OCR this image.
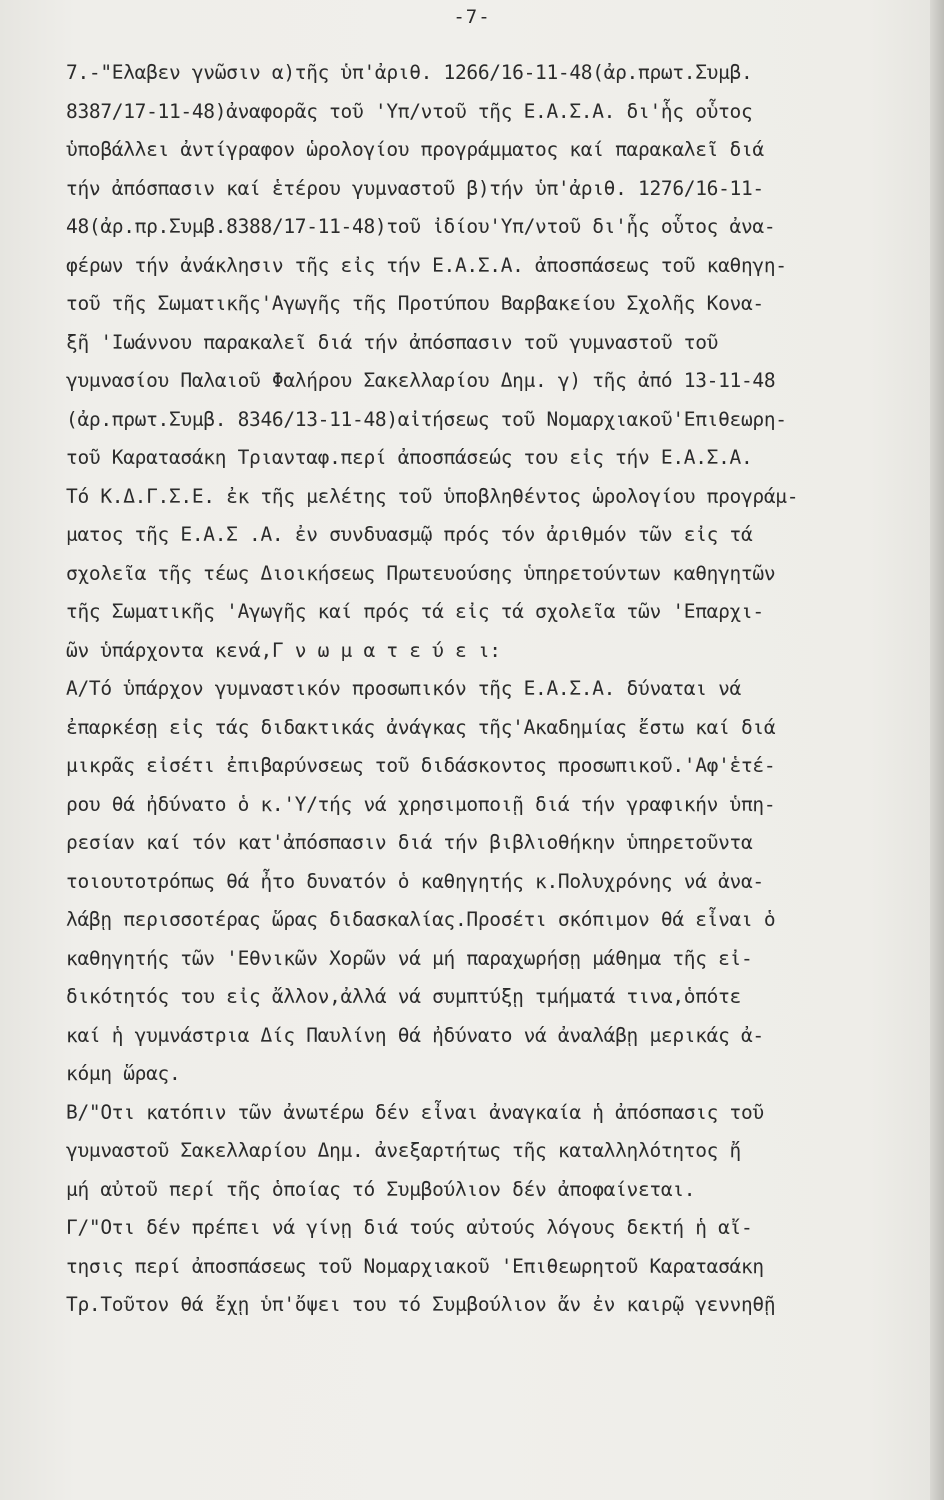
-7-
7.-"Ελαβεν γνῶσιν α)τῆς ὑπ'ἀριθ. 1266/16-11-48(ἀρ.πρωτ.Συμβ.
8387/17-11-48)ἀναφορᾶς τοῦ 'Υπ/ντοῦ τῆς Ε.Α.Σ.Α. δι'ἧς οὗτος
ὑποβάλλει ἀντίγραφον ὡρολογίου προγράμματος καί παρακαλεῖ διά
τήν ἀπόσπασιν καί ἑτέρου γυμναστοῦ β)τήν ὑπ'ἀριθ. 1276/16-11-
48(ἀρ.πρ.Συμβ.8388/17-11-48)τοῦ ἰδίου'Υπ/ντοῦ δι'ἧς οὗτος ἀνα-
φέρων τήν ἀνάκλησιν τῆς εἰς τήν Ε.Α.Σ.Α. ἀποσπάσεως τοῦ καθηγη-
τοῦ τῆς Σωματικῆς'Αγωγῆς τῆς Προτύπου Βαρβακείου Σχολῆς Κονα-
ξῆ 'Ιωάννου παρακαλεῖ διά τήν ἀπόσπασιν τοῦ γυμναστοῦ τοῦ
γυμνασίου Παλαιοῦ Φαλήρου Σακελλαρίου Δημ. γ) τῆς ἀπό 13-11-48
(ἀρ.πρωτ.Συμβ. 8346/13-11-48)αἰτήσεως τοῦ Νομαρχιακοῦ'Επιθεωρη-
τοῦ Καρατασάκη Τριανταφ.περί ἀποσπάσεώς του εἰς τήν Ε.Α.Σ.Α.
Τό Κ.Δ.Γ.Σ.Ε. ἐκ τῆς μελέτης τοῦ ὑποβληθέντος ὡρολογίου προγράμ-
ματος τῆς Ε.Α.Σ .Α. ἐν συνδυασμῷ πρός τόν ἀριθμόν τῶν εἰς τά
σχολεῖα τῆς τέως Διοικήσεως Πρωτευούσης ὑπηρετούντων καθηγητῶν
τῆς Σωματικῆς 'Αγωγῆς καί πρός τά εἰς τά σχολεῖα τῶν 'Επαρχι-
ῶν ὑπάρχοντα κενά,Γ ν ω μ α τ ε ύ ε ι:
Α/Τό ὑπάρχον γυμναστικόν προσωπικόν τῆς Ε.Α.Σ.Α. δύναται νά
ἐπαρκέσῃ εἰς τάς διδακτικάς ἀνάγκας τῆς'Ακαδημίας ἔστω καί διά
μικρᾶς εἰσέτι ἐπιβαρύνσεως τοῦ διδάσκοντος προσωπικοῦ.'Αφ'ἑτέ-
ρου θά ἠδύνατο ὁ κ.'Υ/τής νά χρησιμοποιῇ διά τήν γραφικήν ὑπη-
ρεσίαν καί τόν κατ'ἀπόσπασιν διά τήν βιβλιοθήκην ὑπηρετοῦντα
τοιουτοτρόπως θά ἦτο δυνατόν ὁ καθηγητής κ.Πολυχρόνης νά ἀνα-
λάβῃ περισσοτέρας ὥρας διδασκαλίας.Προσέτι σκόπιμον θά εἶναι ὁ
καθηγητής τῶν 'Εθνικῶν Χορῶν νά μή παραχωρήσῃ μάθημα τῆς εἰ-
δικότητός του εἰς ἄλλον,ἀλλά νά συμπτύξῃ τμήματά τινα,ὁπότε
καί ἡ γυμνάστρια Δίς Παυλίνη θά ἠδύνατο νά ἀναλάβῃ μερικάς ἀ-
κόμη ὥρας.
Β/"Οτι κατόπιν τῶν ἀνωτέρω δέν εἶναι ἀναγκαία ἡ ἀπόσπασις τοῦ
γυμναστοῦ Σακελλαρίου Δημ. ἀνεξαρτήτως τῆς καταλληλότητος ἤ
μή αὐτοῦ περί τῆς ὁποίας τό Συμβούλιον δέν ἀποφαίνεται.
Γ/"Οτι δέν πρέπει νά γίνῃ διά τούς αὐτούς λόγους δεκτή ἡ αἴ-
τησις περί ἀποσπάσεως τοῦ Νομαρχιακοῦ 'Επιθεωρητοῦ Καρατασάκη
Τρ.Τοῦτον θά ἔχῃ ὑπ'ὄψει του τό Συμβούλιον ἄν ἐν καιρῷ γεννηθῇ
